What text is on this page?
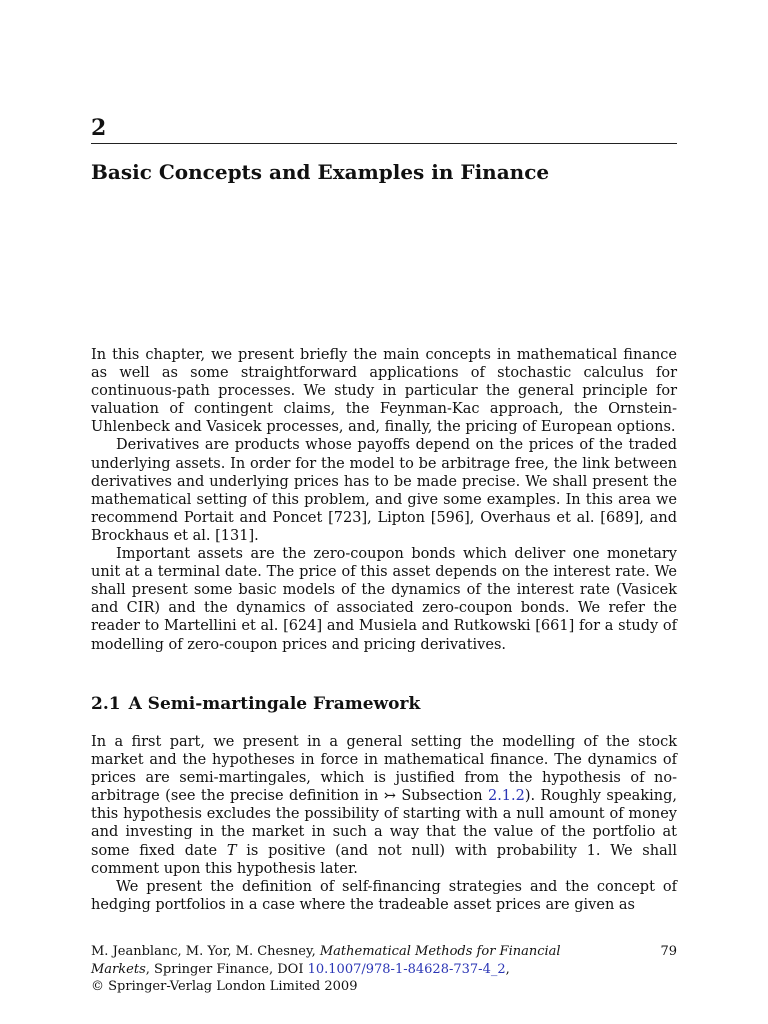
2
Basic Concepts and Examples in Finance

In this chapter, we present briefly the main concepts in mathematical finance as well as some straightforward applications of stochastic calculus for continuous-path processes. We study in particular the general principle for valuation of contingent claims, the Feynman-Kac approach, the Ornstein-Uhlenbeck and Vasicek processes, and, finally, the pricing of European options.

Derivatives are products whose payoffs depend on the prices of the traded underlying assets. In order for the model to be arbitrage free, the link between derivatives and underlying prices has to be made precise. We shall present the mathematical setting of this problem, and give some examples. In this area we recommend Portait and Poncet [723], Lipton [596], Overhaus et al. [689], and Brockhaus et al. [131].

Important assets are the zero-coupon bonds which deliver one monetary unit at a terminal date. The price of this asset depends on the interest rate. We shall present some basic models of the dynamics of the interest rate (Vasicek and CIR) and the dynamics of associated zero-coupon bonds. We refer the reader to Martellini et al. [624] and Musiela and Rutkowski [661] for a study of modelling of zero-coupon prices and pricing derivatives.

2.1 A Semi-martingale Framework

In a first part, we present in a general setting the modelling of the stock market and the hypotheses in force in mathematical finance. The dynamics of prices are semi-martingales, which is justified from the hypothesis of no-arbitrage (see the precise definition in ↣ Subsection 2.1.2). Roughly speaking, this hypothesis excludes the possibility of starting with a null amount of money and investing in the market in such a way that the value of the portfolio at some fixed date T is positive (and not null) with probability 1. We shall comment upon this hypothesis later.

We present the definition of self-financing strategies and the concept of hedging portfolios in a case where the tradeable asset prices are given as

79
M. Jeanblanc, M. Yor, M. Chesney, Mathematical Methods for Financial
Markets, Springer Finance, DOI 10.1007/978-1-84628-737-4_2,
© Springer-Verlag London Limited 2009
